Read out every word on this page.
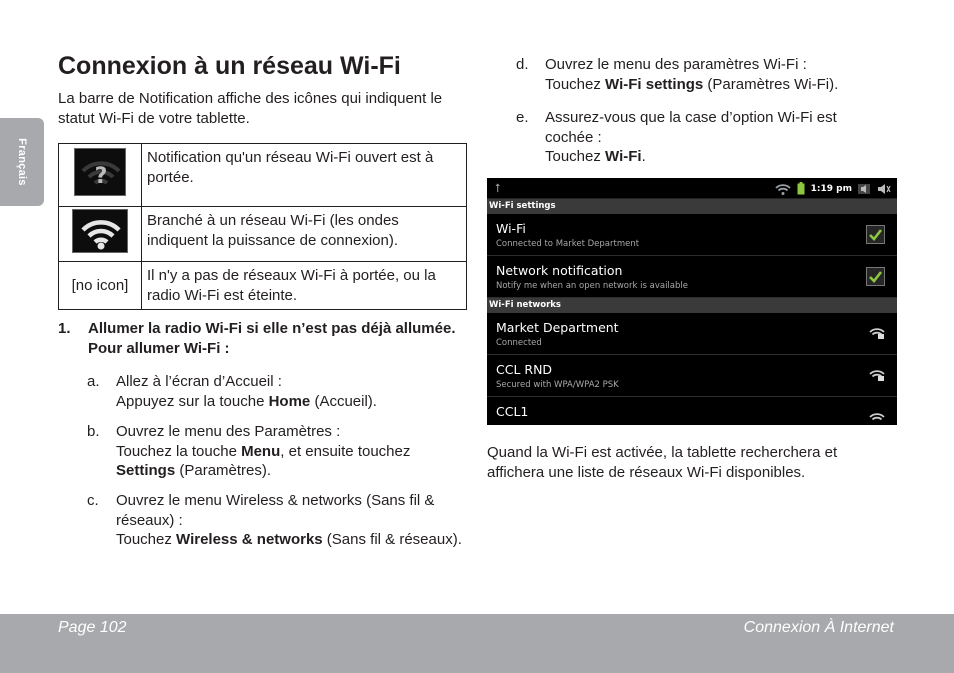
Français
Connexion à un réseau Wi-Fi

La barre de Notification affiche des icônes qui indiquent le statut Wi-Fi de votre tablette.

?	Notification qu'un réseau Wi-Fi ouvert est à portée.

	Branché à un réseau Wi-Fi (les ondes indiquent la puissance de connexion).

[no icon]	Il n'y a pas de réseaux Wi-Fi à portée, ou la radio Wi-Fi est éteinte.
1. Allumer la radio Wi-Fi si elle n’est pas déjà allumée. Pour allumer Wi-Fi :
a. Allez à l’écran d’Accueil :
Appuyez sur la touche Home (Accueil).
b. Ouvrez le menu des Paramètres :
Touchez la touche Menu, et ensuite touchez Settings (Paramètres).
c. Ouvrez le menu Wireless & networks (Sans fil & réseaux) :
Touchez Wireless & networks (Sans fil & réseaux).
d. Ouvrez le menu des paramètres Wi-Fi :
Touchez Wi-Fi settings (Paramètres Wi-Fi).
e. Assurez-vous que la case d’option Wi-Fi est cochée :
Touchez Wi-Fi.
⭡	1:19 pm
Wi-Fi settings
Wi-Fi
Connected to Market Department
Network notification
Notify me when an open network is available
Wi-Fi networks
Market Department
Connected
CCL RND
Secured with WPA/WPA2 PSK
CCL1

Quand la Wi-Fi est activée, la tablette recherchera et affichera une liste de réseaux Wi-Fi disponibles.

Page 102	Connexion À Internet
